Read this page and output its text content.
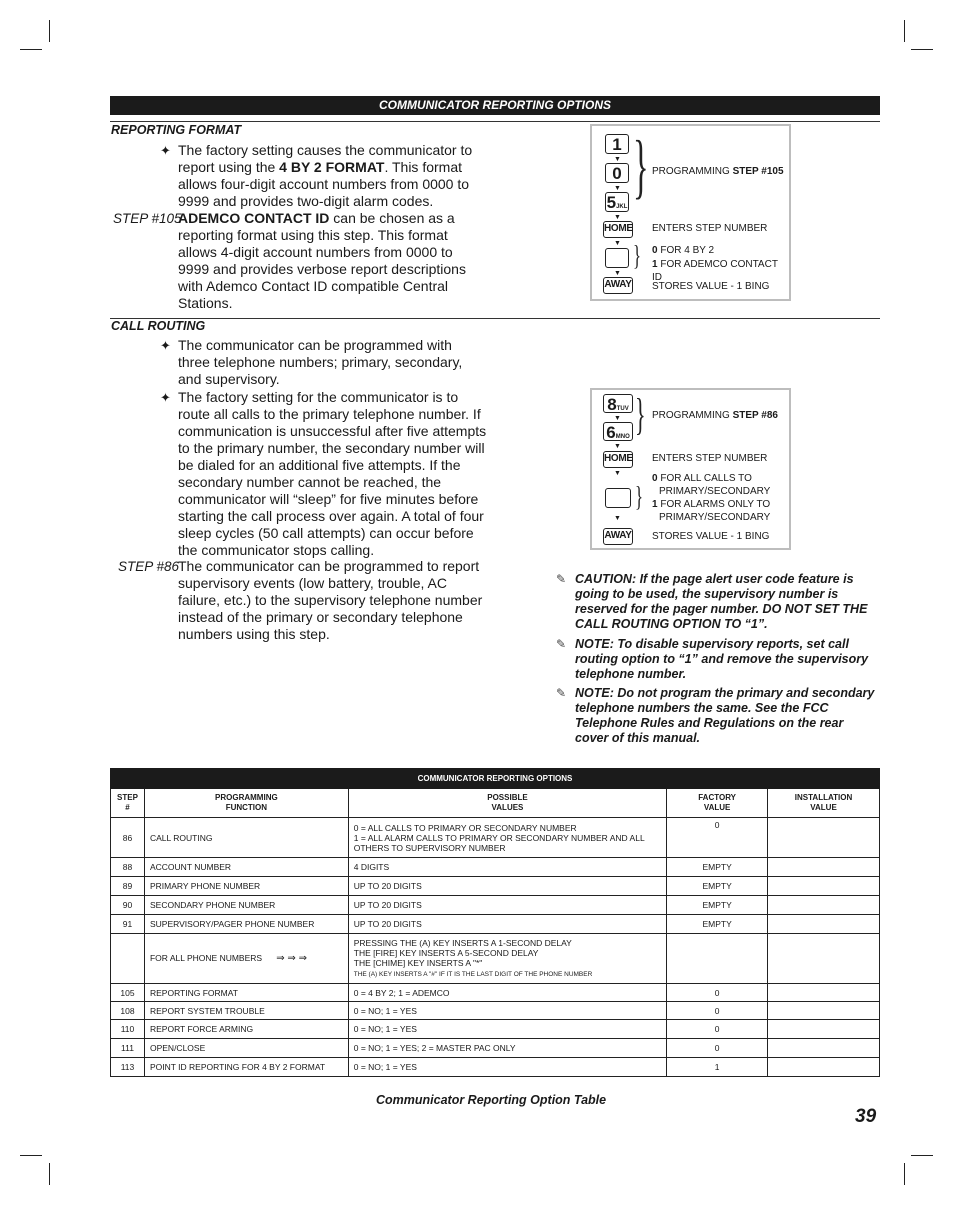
COMMUNICATOR REPORTING OPTIONS
REPORTING FORMAT
✦ The factory setting causes the communicator to report using the 4 BY 2 FORMAT. This format allows four-digit account numbers from 0000 to 9999 and provides two-digit alarm codes.
STEP #105
ADEMCO CONTACT ID can be chosen as a reporting format using this step. This format allows 4-digit account numbers from 0000 to 9999 and provides verbose report descriptions with Ademco Contact ID compatible Central Stations.
1
▼
0
▼
5JKL
▼
HOME
▼
▼
AWAY
}
}
PROGRAMMING STEP #105
ENTERS STEP NUMBER
0 FOR 4 BY 2
1 FOR ADEMCO CONTACT ID
STORES VALUE - 1 BING
CALL ROUTING
✦ The communicator can be programmed with three telephone numbers; primary, secondary, and supervisory.
✦ The factory setting for the communicator is to route all calls to the primary telephone number. If communication is unsuccessful after five attempts to the primary number, the secondary number will be dialed for an additional five attempts. If the secondary number cannot be reached, the communicator will “sleep” for five minutes before starting the call process over again. A total of four sleep cycles (50 call attempts) can occur before the communicator stops calling.
STEP #86
The communicator can be programmed to report supervisory events (low battery, trouble, AC failure, etc.) to the supervisory telephone number instead of the primary or secondary telephone numbers using this step.
8TUV
▼
6MNO
▼
HOME
▼
▼
AWAY
}
}
PROGRAMMING STEP #86
ENTERS STEP NUMBER
0 FOR ALL CALLS TO
PRIMARY/SECONDARY
1 FOR ALARMS ONLY TO
PRIMARY/SECONDARY
STORES VALUE - 1 BING
✎ CAUTION: If the page alert user code feature is going to be used, the supervisory number is reserved for the pager number. DO NOT SET THE CALL ROUTING OPTION TO “1”.
✎ NOTE: To disable supervisory reports, set call routing option to “1” and remove the supervisory telephone number.
✎ NOTE: Do not program the primary and secondary telephone numbers the same. See the FCC Telephone Rules and Regulations on the rear cover of this manual.
COMMUNICATOR REPORTING OPTIONS				
STEP
#	PROGRAMMING
FUNCTION	POSSIBLE
VALUES	FACTORY
VALUE	INSTALLATION
VALUE
86	CALL ROUTING	0 = ALL CALLS TO PRIMARY OR SECONDARY NUMBER
1 = ALL ALARM CALLS TO PRIMARY OR SECONDARY NUMBER AND ALL
OTHERS TO SUPERVISORY NUMBER	0	
88	ACCOUNT NUMBER	4 DIGITS	EMPTY	
89	PRIMARY PHONE NUMBER	UP TO 20 DIGITS	EMPTY	
90	SECONDARY PHONE NUMBER	UP TO 20 DIGITS	EMPTY	
91	SUPERVISORY/PAGER PHONE NUMBER	UP TO 20 DIGITS	EMPTY	
	FOR ALL PHONE NUMBERS ⇒ ⇒ ⇒	PRESSING THE (A) KEY INSERTS A 1-SECOND DELAY
THE [FIRE] KEY INSERTS A 5-SECOND DELAY
THE [CHIME] KEY INSERTS A "*"
THE (A) KEY INSERTS A "#" IF IT IS THE LAST DIGIT OF THE PHONE NUMBER		
105	REPORTING FORMAT	0 = 4 BY 2; 1 = ADEMCO	0	
108	REPORT SYSTEM TROUBLE	0 = NO; 1 = YES	0	
110	REPORT FORCE ARMING	0 = NO; 1 = YES	0	
111	OPEN/CLOSE	0 = NO; 1 = YES; 2 = MASTER PAC ONLY	0	
113	POINT ID REPORTING FOR 4 BY 2 FORMAT	0 = NO; 1 = YES	1	
Communicator Reporting Option Table
39
